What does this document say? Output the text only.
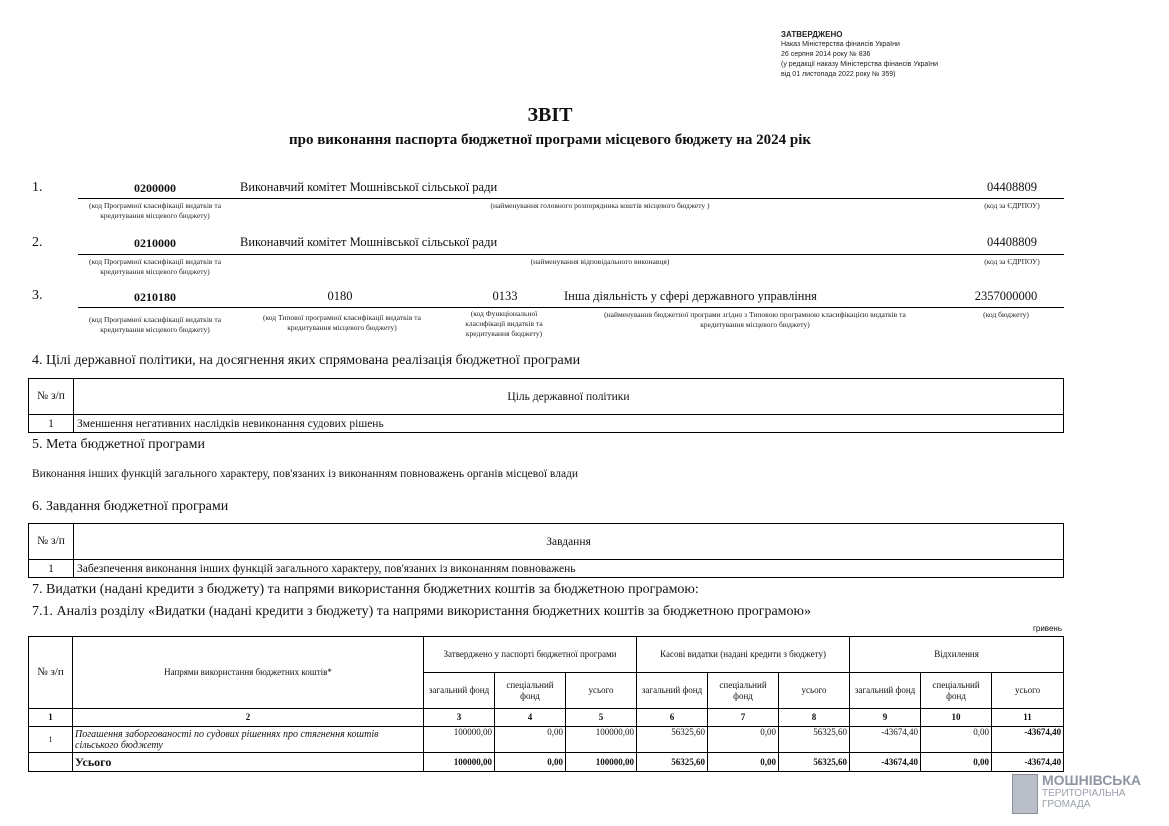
ЗАТВЕРДЖЕНО
Наказ Міністерства фінансів України
26 серпня 2014 року № 836
(у редакції наказу Міністерства фінансів України
від 01 листопада 2022 року № 359)
ЗВІТ
про виконання паспорта бюджетної програми місцевого бюджету на 2024 рік
1.	0200000	Виконавчий комітет Мошнівської сільської ради	04408809
(код Програмної класифікації видатків та кредитування місцевого бюджету)
(найменування головного розпорядника коштів місцевого бюджету )	(код за ЄДРПОУ)
2.	0210000	Виконавчий комітет Мошнівської сільської ради	04408809
(код Програмної класифікації видатків та кредитування місцевого бюджету)
(найменування відповідального виконавця)	(код за ЄДРПОУ)
3.	0210180	0180	0133	Інша діяльність у сфері державного управління	2357000000
(код Програмної класифікації видатків та кредитування місцевого бюджету)
(код Типової програмної класифікації видатків та кредитування місцевого бюджету)
(код Функціональної класифікації видатків та кредитування бюджету)
(найменування бюджетної програми згідно з Типовою програмною класифікацією видатків та кредитування місцевого бюджету)
(код бюджету)
4. Цілі державної політики, на досягнення яких спрямована реалізація бюджетної програми
№ з/п	Ціль державної політики
1	Зменшення негативних наслідків невиконання судових рішень
5. Мета бюджетної програми
Виконання інших функцій загального характеру, пов'язаних із виконанням повноважень органів місцевої влади
6. Завдання бюджетної програми
№ з/п	Завдання
1	Забезпечення виконання інших функцій загального характеру, пов'язаних із виконанням повноважень
7. Видатки (надані кредити з бюджету) та напрями використання бюджетних коштів за бюджетною програмою:
7.1. Аналіз розділу «Видатки (надані кредити з бюджету) та напрями використання бюджетних коштів за бюджетною програмою»
гривень
№ з/п	Напрями використання бюджетних коштів*	Затверджено у паспорті бюджетної програми			Касові видатки (надані кредити з бюджету)			Відхилення		
		загальний фонд	спеціальний фонд	усього	загальний фонд	спеціальний фонд	усього	загальний фонд	спеціальний фонд	усього
1	2	3	4	5	6	7	8	9	10	11
1	Погашення заборгованості по судових рішеннях про стягнення коштів сільського бюджету	100000,00	0,00	100000,00	56325,60	0,00	56325,60	-43674,40	0,00	-43674,40
	Усього	100000,00	0,00	100000,00	56325,60	0,00	56325,60	-43674,40	0,00	-43674,40
МОШНІВСЬКА
ТЕРИТОРІАЛЬНА
ГРОМАДА
